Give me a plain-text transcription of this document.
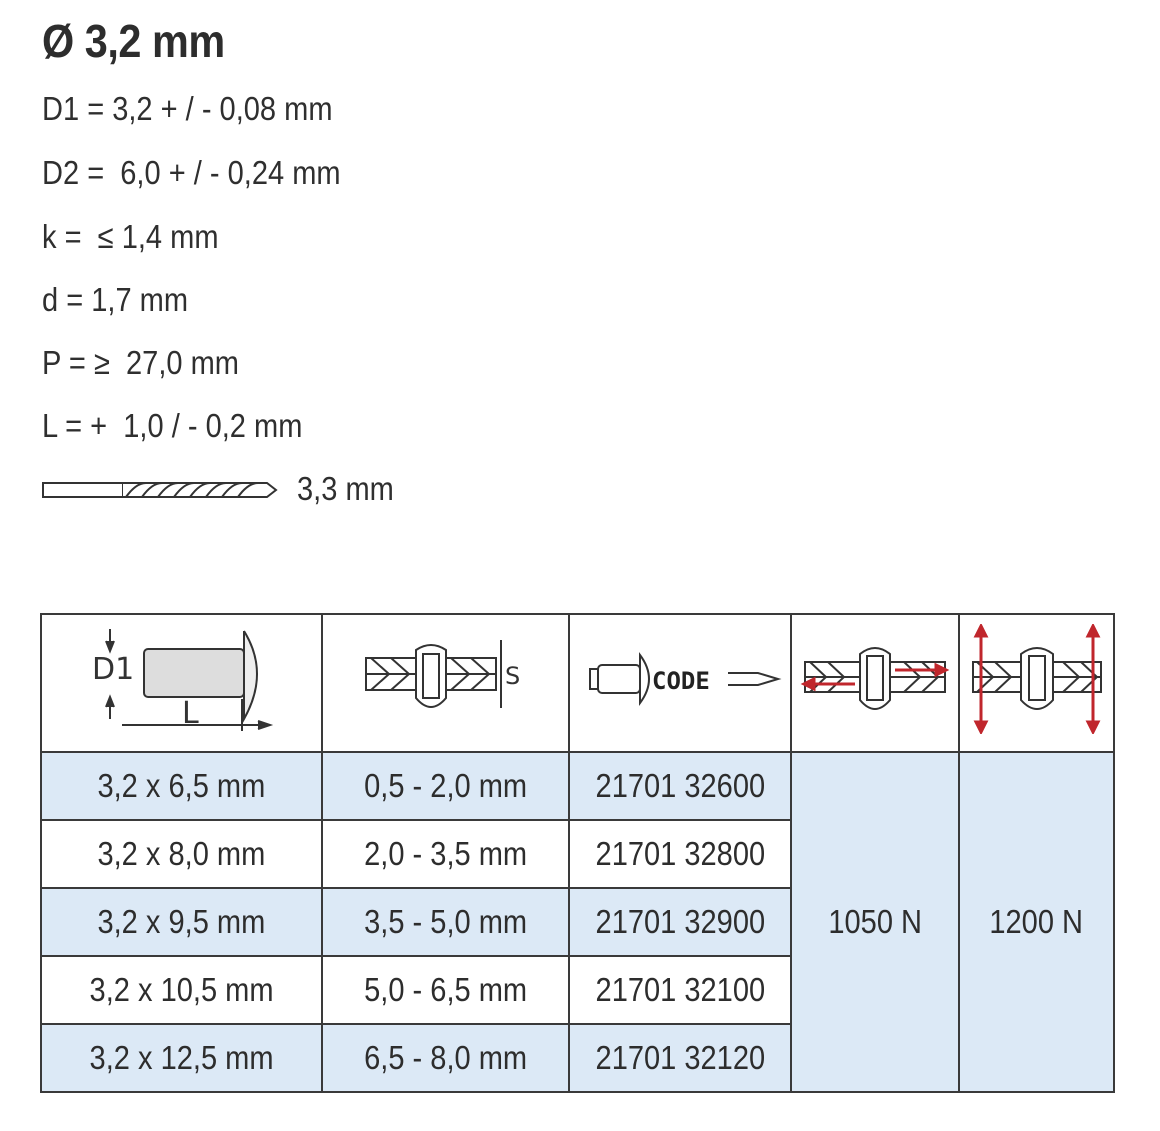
Ø 3,2 mm
D1 = 3,2 + / - 0,08 mm
D2 =  6,0 + / - 0,24 mm
k =  ≤ 1,4 mm
d = 1,7 mm
P = ≥  27,0 mm
L = +  1,0 / - 0,2 mm
3,3 mm
D1
L	S	CODE

3,2 x 6,5 mm	0,5 - 2,0 mm	21701 32600	1050 N	1200 N
3,2 x 8,0 mm	2,0 - 3,5 mm	21701 32800		
3,2 x 9,5 mm	3,5 - 5,0 mm	21701 32900		
3,2 x 10,5 mm	5,0 - 6,5 mm	21701 32100		
3,2 x 12,5 mm	6,5 - 8,0 mm	21701 32120		
